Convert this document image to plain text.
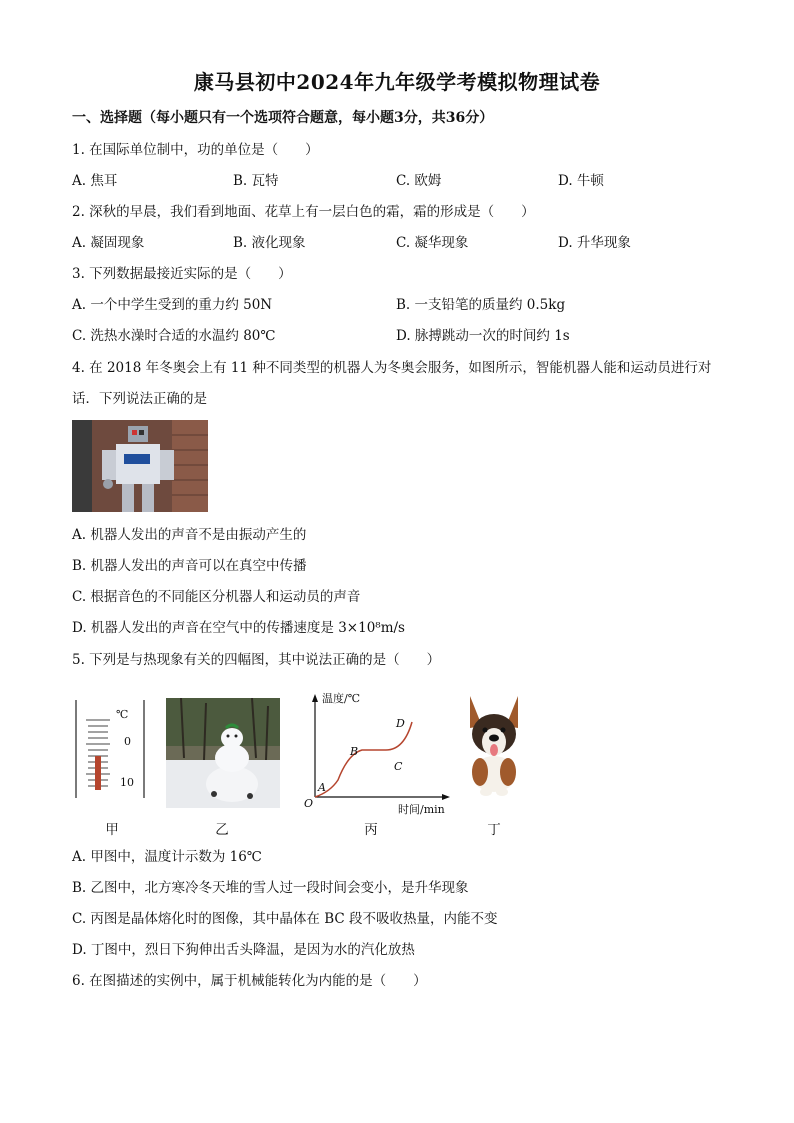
康马县初中2024年九年级学考模拟物理试卷
一、选择题（每小题只有一个选项符合题意，每小题3分，共36分）
1. 在国际单位制中，功的单位是（　　）
A. 焦耳	B. 瓦特	C. 欧姆	D. 牛顿
2. 深秋的早晨，我们看到地面、花草上有一层白色的霜，霜的形成是（　　）
A. 凝固现象	B. 液化现象	C. 凝华现象	D. 升华现象
3. 下列数据最接近实际的是（　　）
A. 一个中学生受到的重力约 50N	B. 一支铅笔的质量约 0.5kg
C. 洗热水澡时合适的水温约 80℃	D. 脉搏跳动一次的时间约 1s
4. 在 2018 年冬奥会上有 11 种不同类型的机器人为冬奥会服务，如图所示，智能机器人能和运动员进行对
话．下列说法正确的是
A. 机器人发出的声音不是由振动产生的
B. 机器人发出的声音可以在真空中传播
C. 根据音色的不同能区分机器人和运动员的声音
D. 机器人发出的声音在空气中的传播速度是 3×10⁸m/s
5. 下列是与热现象有关的四幅图，其中说法正确的是（　　）
℃
0
10
温度/℃
时间/min
O
A
B
C
D
甲	乙	丙	丁
A. 甲图中，温度计示数为 16℃
B. 乙图中，北方寒冷冬天堆的雪人过一段时间会变小，是升华现象
C. 丙图是晶体熔化时的图像，其中晶体在 BC 段不吸收热量，内能不变
D. 丁图中，烈日下狗伸出舌头降温，是因为水的汽化放热
6. 在图描述的实例中，属于机械能转化为内能的是（　　）
